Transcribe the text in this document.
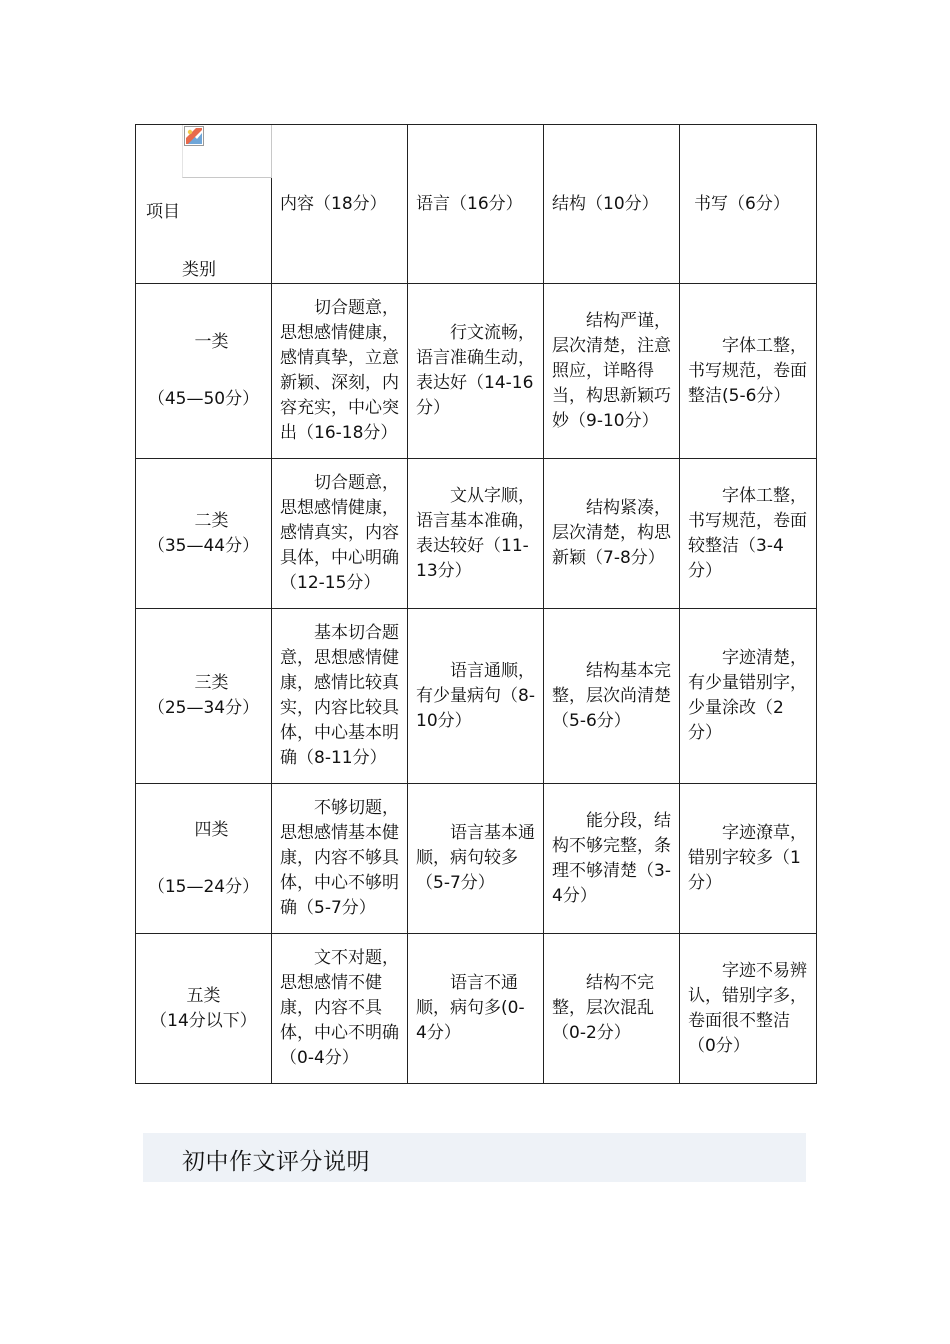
项目
类别	内容（18分）	语言（16分）	结构（10分）	书写（6分）

一类
（45—50分）	切合题意，思想感情健康，感情真挚，立意新颖、深刻，内容充实，中心突出（16-18分）	行文流畅，语言准确生动，表达好（14-16分）	结构严谨，层次清楚，注意照应，详略得当，构思新颖巧妙（9-10分）	字体工整，书写规范，卷面整洁(5-6分）

二类
（35—44分）	切合题意，思想感情健康，感情真实，内容具体，中心明确（12-15分）	文从字顺，语言基本准确，表达较好（11-13分）	结构紧凑，层次清楚，构思新颖（7-8分）	字体工整，书写规范，卷面较整洁（3-4分）

三类
（25—34分）	基本切合题意，思想感情健康，感情比较真实，内容比较具体，中心基本明确（8-11分）	语言通顺，有少量病句（8-10分）	结构基本完整，层次尚清楚（5-6分）	字迹清楚，有少量错别字，少量涂改（2分）

四类
（15—24分）	不够切题，思想感情基本健康，内容不够具体，中心不够明确（5-7分）	语言基本通顺，病句较多（5-7分）	能分段，结构不够完整，条理不够清楚（3-4分）	字迹潦草，错别字较多（1分）

五类
（14分以下）	文不对题，思想感情不健康，内容不具体，中心不明确（0-4分）	语言不通顺，病句多(0-4分）	结构不完整，层次混乱（0-2分）	字迹不易辨认，错别字多，卷面很不整洁（0分）
初中作文评分说明
